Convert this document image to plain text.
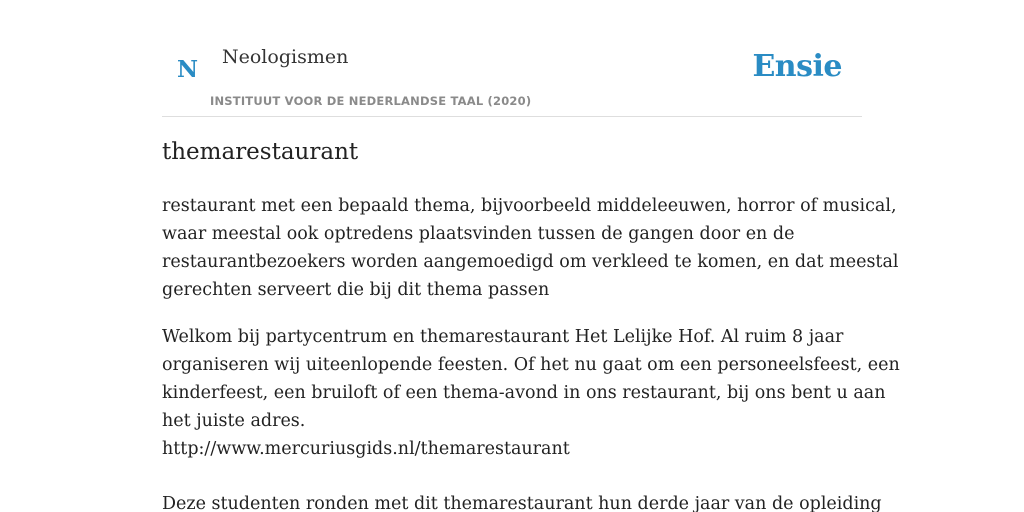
N Neologismen
INSTITUUT VOOR DE NEDERLANDSE TAAL (2020)
Ensie
themarestaurant

restaurant met een bepaald thema, bijvoorbeeld middeleeuwen, horror of musical,
waar meestal ook optredens plaatsvinden tussen de gangen door en de
restaurantbezoekers worden aangemoedigd om verkleed te komen, en dat meestal
gerechten serveert die bij dit thema passen

Welkom bij partycentrum en themarestaurant Het Lelijke Hof. Al ruim 8 jaar
organiseren wij uiteenlopende feesten. Of het nu gaat om een personeelsfeest, een
kinderfeest, een bruiloft of een thema-avond in ons restaurant, bij ons bent u aan
het juiste adres.
http://www.mercuriusgids.nl/themarestaurant

Deze studenten ronden met dit themarestaurant hun derde jaar van de opleiding
